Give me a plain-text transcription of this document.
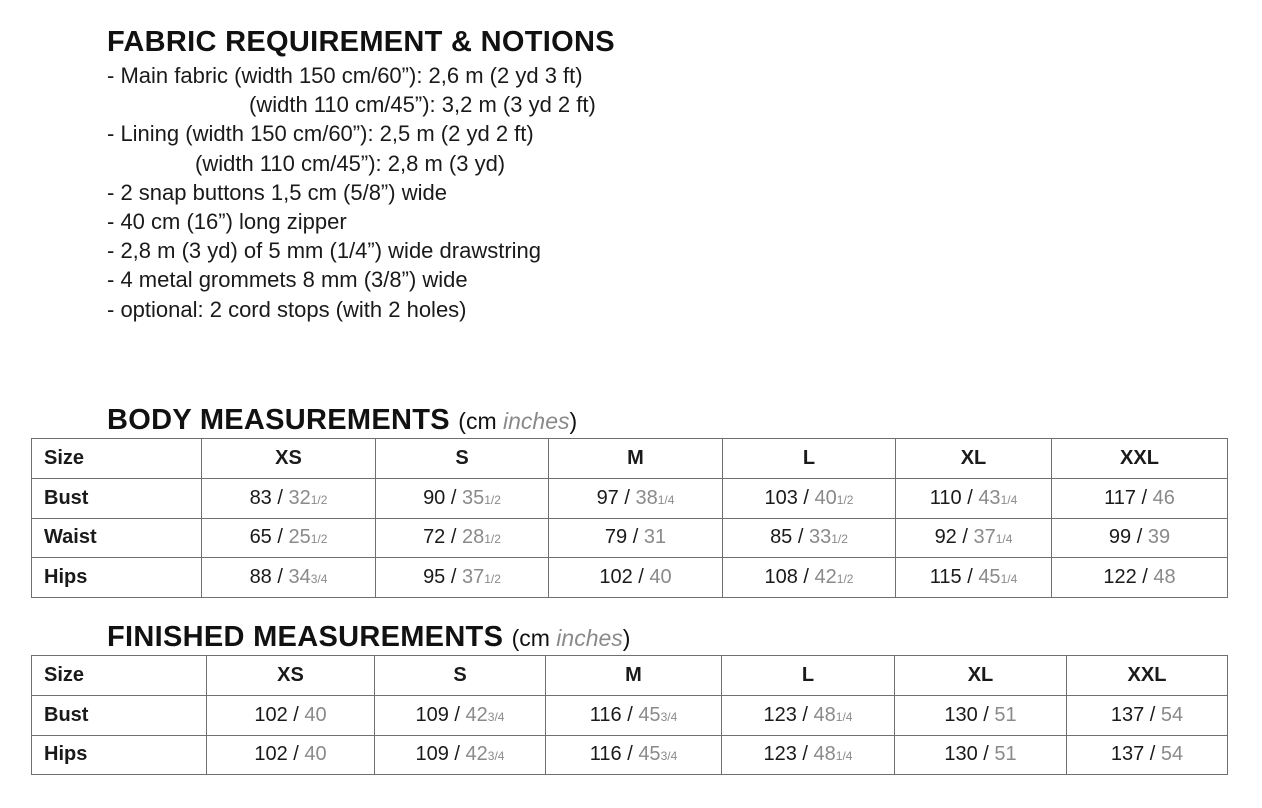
FABRIC REQUIREMENT & NOTIONS
- Main fabric (width 150 cm/60”): 2,6 m (2 yd 3 ft)
(width 110 cm/45”): 3,2 m (3 yd 2 ft)
- Lining (width 150 cm/60”): 2,5 m (2 yd 2 ft)
(width 110 cm/45”): 2,8 m (3 yd)
- 2 snap buttons 1,5 cm (5/8”) wide
- 40 cm (16”) long zipper
- 2,8 m (3 yd) of 5 mm (1/4”) wide drawstring
- 4 metal grommets 8 mm (3/8”) wide
- optional: 2 cord stops (with 2 holes)
BODY MEASUREMENTS (cm inches)
Size	XS	S	M	L	XL	XXL
Bust	83 / 321/2	90 / 351/2	97 / 381/4	103 / 401/2	110 / 431/4	117 / 46
Waist	65 / 251/2	72 / 281/2	79 / 31	85 / 331/2	92 / 371/4	99 / 39
Hips	88 / 343/4	95 / 371/2	102 / 40	108 / 421/2	115 / 451/4	122 / 48
FINISHED MEASUREMENTS (cm inches)
Size	XS	S	M	L	XL	XXL
Bust	102 / 40	109 / 423/4	116 / 453/4	123 / 481/4	130 / 51	137 / 54
Hips	102 / 40	109 / 423/4	116 / 453/4	123 / 481/4	130 / 51	137 / 54
